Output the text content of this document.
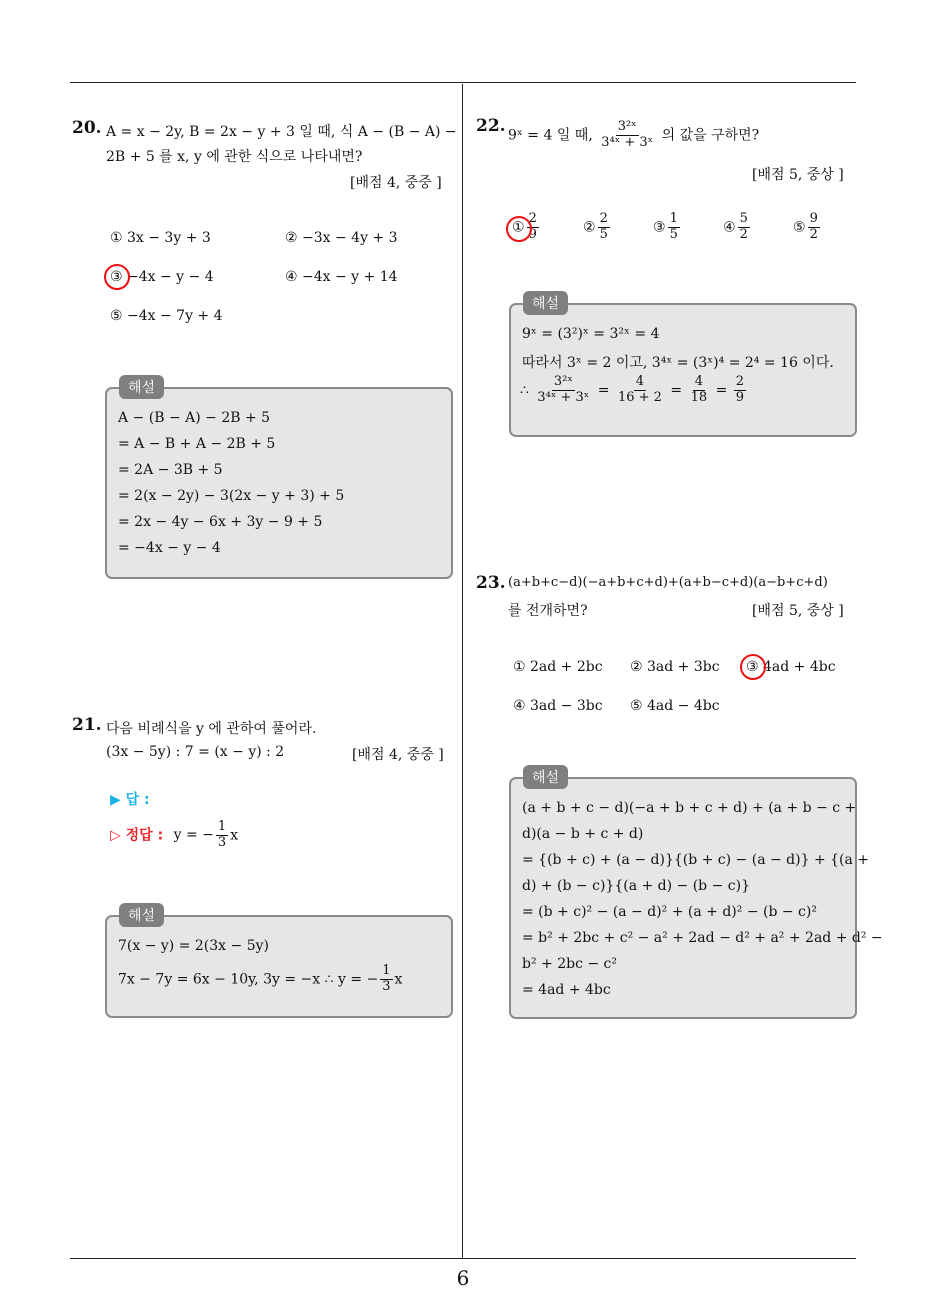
20. A = x − 2y, B = 2x − y + 3 일 때, 식 A − (B − A) −
2B + 5 를 x, y 에 관한 식으로 나타내면?
[배점 4, 중중 ]
① 3x − 3y + 3	② −3x − 4y + 3
③ −4x − y − 4	④ −4x − y + 14
⑤ −4x − 7y + 4
해설
A − (B − A) − 2B + 5
= A − B + A − 2B + 5
= 2A − 3B + 5
= 2(x − 2y) − 3(2x − y + 3) + 5
= 2x − 4y − 6x + 3y − 9 + 5
= −4x − y − 4
21. 다음 비례식을 y 에 관하여 풀어라.
(3x − 5y) : 7 = (x − y) : 2	[배점 4, 중중 ]
▶ 답 :
▷ 정답 : y = − $\frac{1}{3}$ x
해설
7(x − y) = 2(3x − 5y)
7x − 7y = 6x − 10y, 3y = −x ∴ y = − $\frac{1}{3}$ x
22. 9ˣ = 4 일 때, $\frac{\text{3²ˣ}}{\text{3⁴ˣ + 3ˣ}}$ 의 값을 구하면?
[배점 5, 중상 ]
① $\frac{2}{9}$	② $\frac{2}{5}$	③ $\frac{1}{5}$	④ $\frac{5}{2}$	⑤ $\frac{9}{2}$
해설
9ˣ = (3²)ˣ = 3²ˣ = 4
따라서 3ˣ = 2 이고, 3⁴ˣ = (3ˣ)⁴ = 2⁴ = 16 이다.
∴ $\frac{\text{3²ˣ}}{\text{3⁴ˣ + 3ˣ}} = \frac{4}{16 + 2} = \frac{4}{18} = \frac{2}{9}$
23. (a+b+c−d)(−a+b+c+d)+(a+b−c+d)(a−b+c+d)
를 전개하면?	[배점 5, 중상 ]
① 2ad + 2bc ② 3ad + 3bc ③ 4ad + 4bc
④ 3ad − 3bc ⑤ 4ad − 4bc
해설
(a + b + c − d)(−a + b + c + d) + (a + b − c +
d)(a − b + c + d)
= {(b + c) + (a − d)}{(b + c) − (a − d)} + {(a +
d) + (b − c)}{(a + d) − (b − c)}
= (b + c)² − (a − d)² + (a + d)² − (b − c)²
= b² + 2bc + c² − a² + 2ad − d² + a² + 2ad + d² −
b² + 2bc − c²
= 4ad + 4bc
6
